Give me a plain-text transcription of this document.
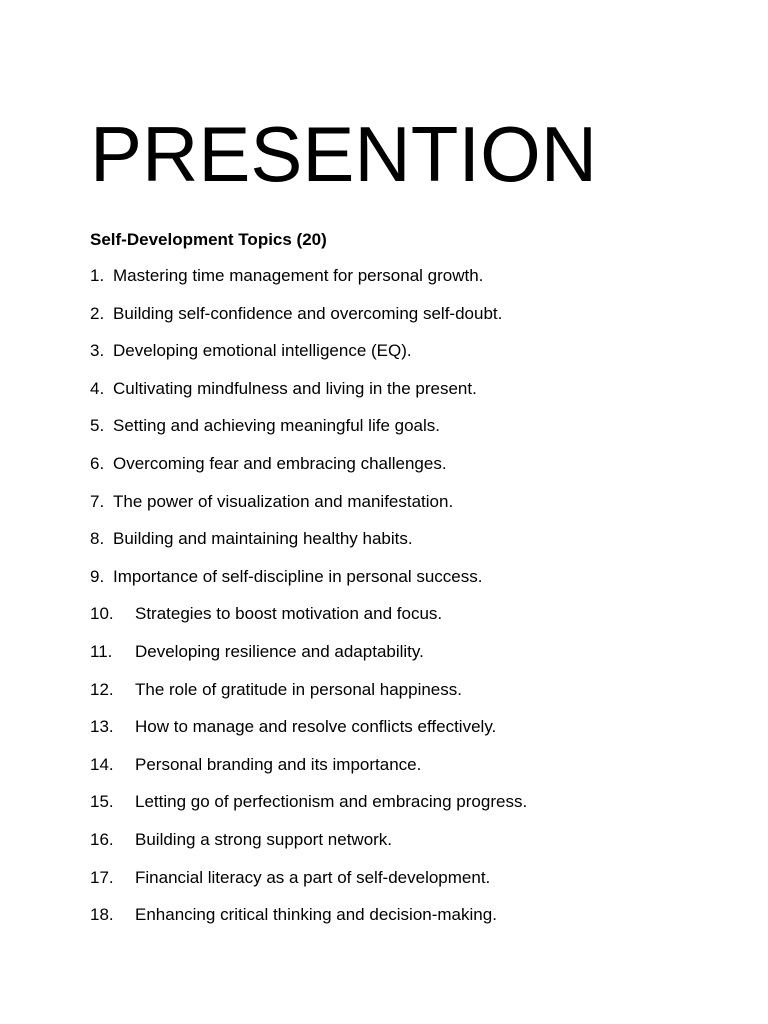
PRESENTION
Self-Development Topics (20)
1. Mastering time management for personal growth.
2. Building self-confidence and overcoming self-doubt.
3. Developing emotional intelligence (EQ).
4. Cultivating mindfulness and living in the present.
5. Setting and achieving meaningful life goals.
6. Overcoming fear and embracing challenges.
7. The power of visualization and manifestation.
8. Building and maintaining healthy habits.
9. Importance of self-discipline in personal success.
10.	Strategies to boost motivation and focus.
11.	Developing resilience and adaptability.
12.	The role of gratitude in personal happiness.
13.	How to manage and resolve conflicts effectively.
14.	Personal branding and its importance.
15.	Letting go of perfectionism and embracing progress.
16.	Building a strong support network.
17.	Financial literacy as a part of self-development.
18.	Enhancing critical thinking and decision-making.
